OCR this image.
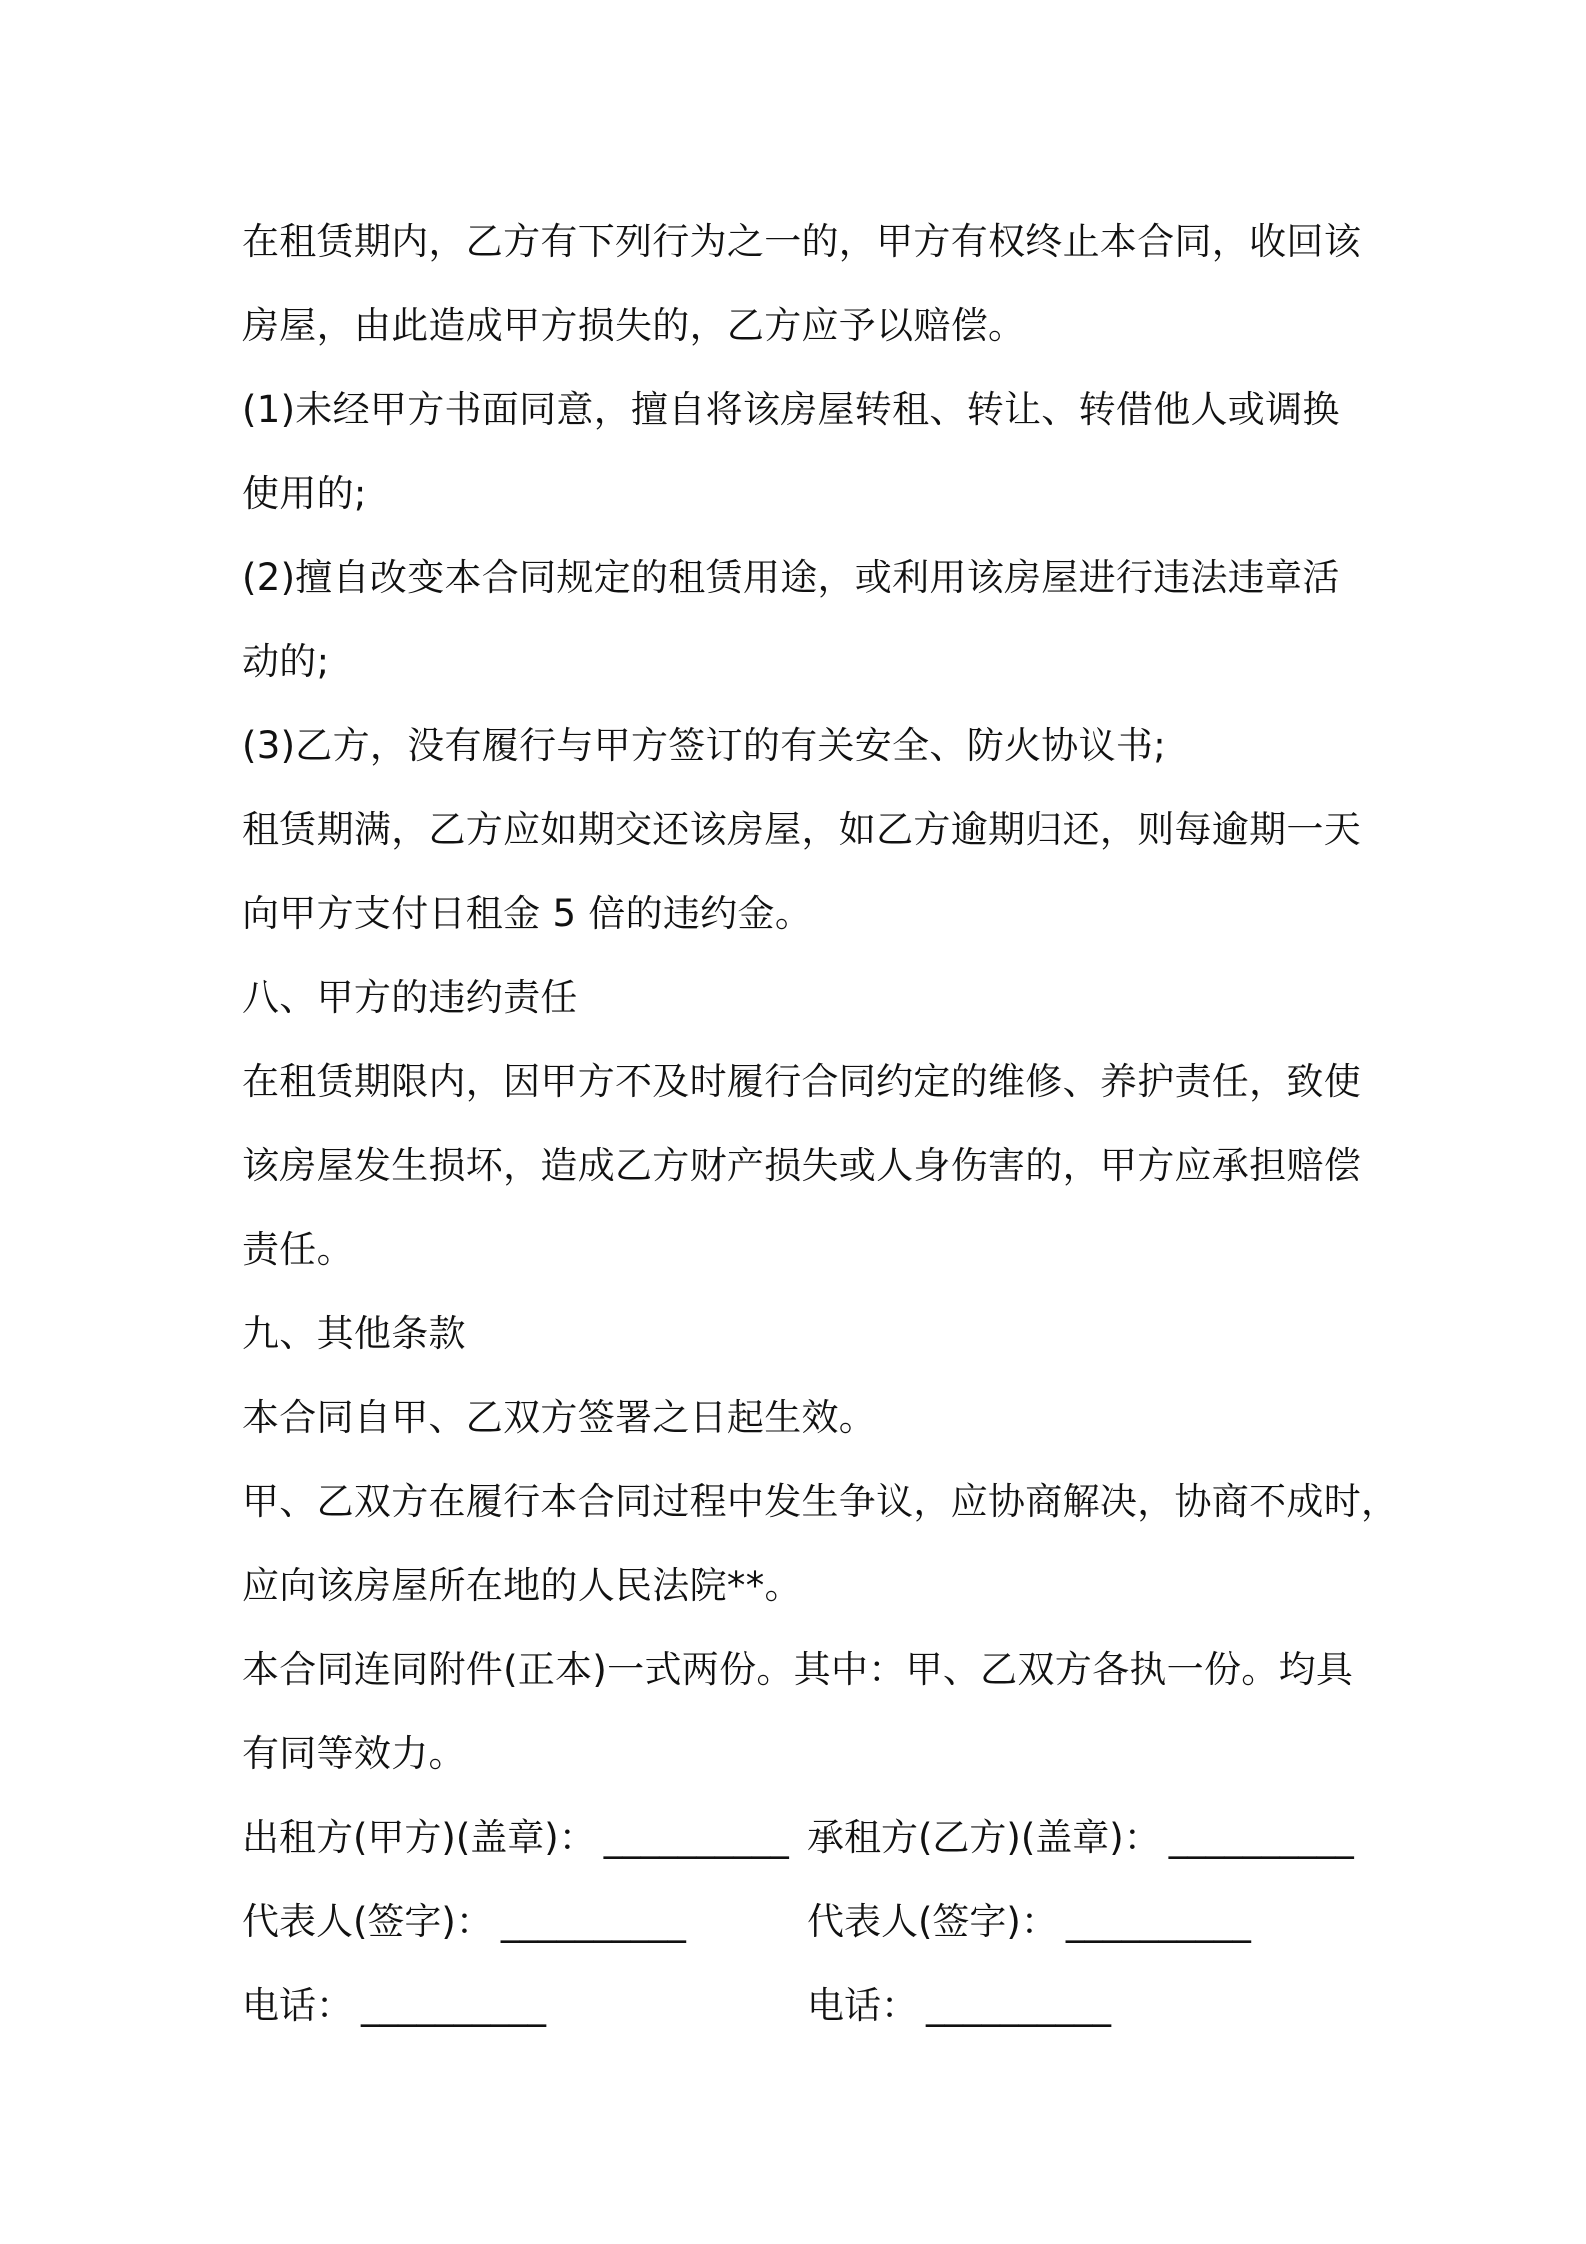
在租赁期内，乙方有下列行为之一的，甲方有权终止本合同，收回该
房屋，由此造成甲方损失的，乙方应予以赔偿。
(1)未经甲方书面同意，擅自将该房屋转租、转让、转借他人或调换
使用的;
(2)擅自改变本合同规定的租赁用途，或利用该房屋进行违法违章活
动的;
(3)乙方，没有履行与甲方签订的有关安全、防火协议书;
租赁期满，乙方应如期交还该房屋，如乙方逾期归还，则每逾期一天
向甲方支付日租金 5 倍的违约金。
八、甲方的违约责任
在租赁期限内，因甲方不及时履行合同约定的维修、养护责任，致使
该房屋发生损坏，造成乙方财产损失或人身伤害的，甲方应承担赔偿
责任。
九、其他条款
本合同自甲、乙双方签署之日起生效。
甲、乙双方在履行本合同过程中发生争议，应协商解决，协商不成时，
应向该房屋所在地的人民法院**。
本合同连同附件(正本)一式两份。其中：甲、乙双方各执一份。均具
有同等效力。
出租方(甲方)(盖章)： __________ 承租方(乙方)(盖章)： __________
代表人(签字)： __________	代表人(签字)： __________
电话： __________	电话： __________
